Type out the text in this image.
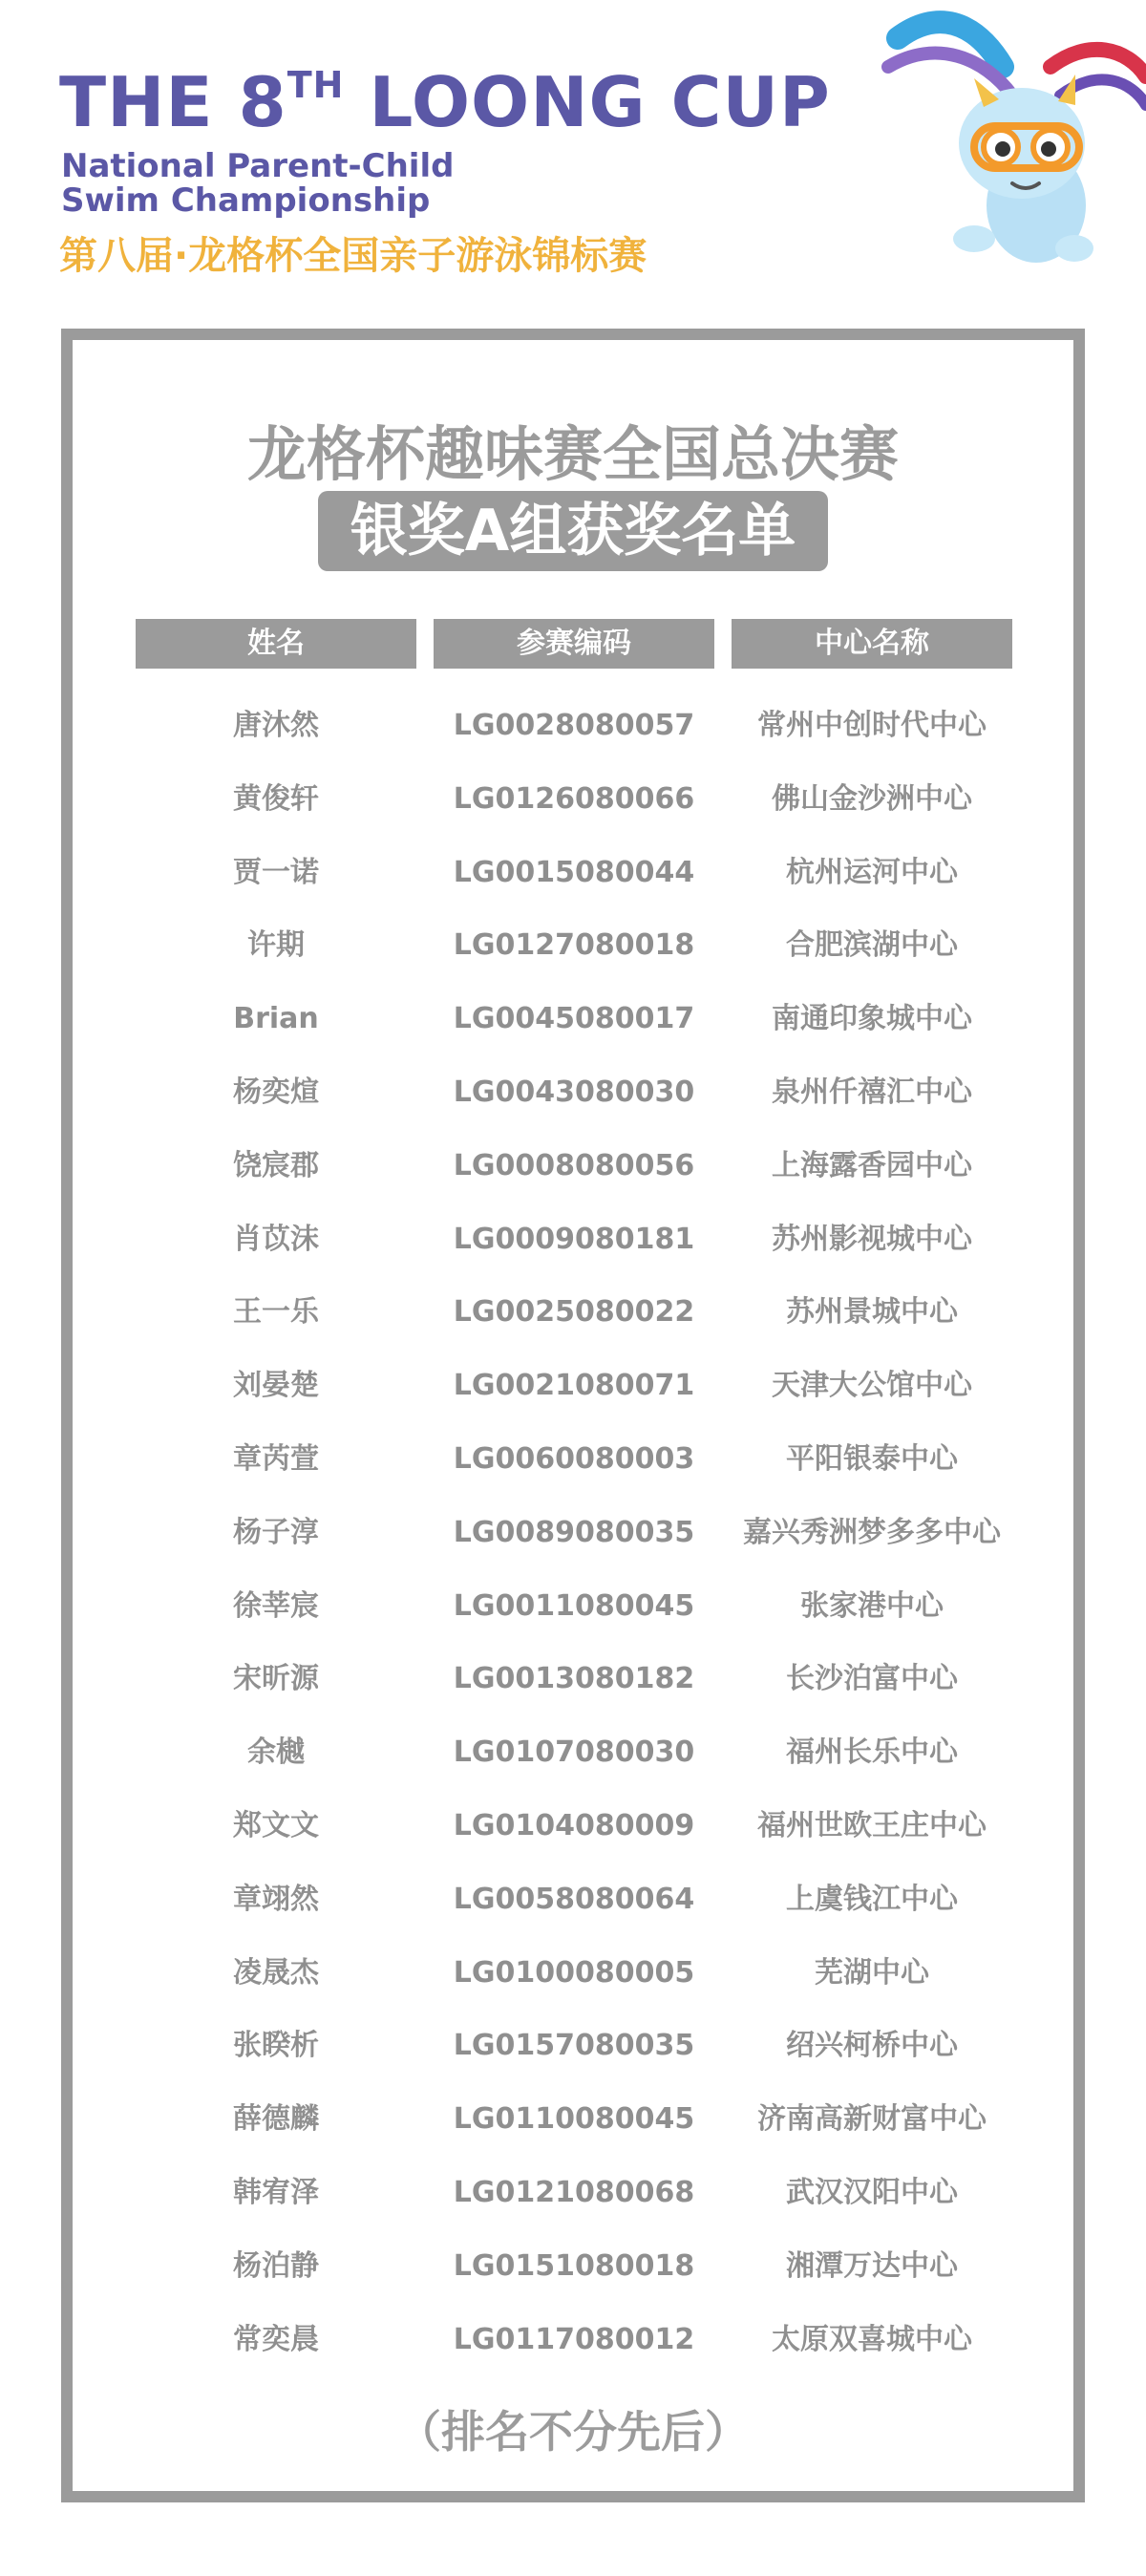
THE 8TH LOONG CUP
National Parent-Child
Swim Championship
第八届·龙格杯全国亲子游泳锦标赛
龙格杯趣味赛全国总决赛
银奖A组获奖名单
姓名	参赛编码	中心名称
唐沐然	LG0028080057	常州中创时代中心
黄俊轩	LG0126080066	佛山金沙洲中心
贾一诺	LG0015080044	杭州运河中心
许期	LG0127080018	合肥滨湖中心
Brian	LG0045080017	南通印象城中心
杨奕煊	LG0043080030	泉州仟禧汇中心
饶宸郡	LG0008080056	上海露香园中心
肖苡沫	LG0009080181	苏州影视城中心
王一乐	LG0025080022	苏州景城中心
刘晏楚	LG0021080071	天津大公馆中心
章芮萱	LG0060080003	平阳银泰中心
杨子淳	LG0089080035	嘉兴秀洲梦多多中心
徐莘宸	LG0011080045	张家港中心
宋昕源	LG0013080182	长沙泊富中心
余樾	LG0107080030	福州长乐中心
郑文文	LG0104080009	福州世欧王庄中心
章翊然	LG0058080064	上虞钱江中心
凌晟杰	LG0100080005	芜湖中心
张睽析	LG0157080035	绍兴柯桥中心
薛德麟	LG0110080045	济南高新财富中心
韩宥泽	LG0121080068	武汉汉阳中心
杨泊静	LG0151080018	湘潭万达中心
常奕晨	LG0117080012	太原双喜城中心
（排名不分先后）
